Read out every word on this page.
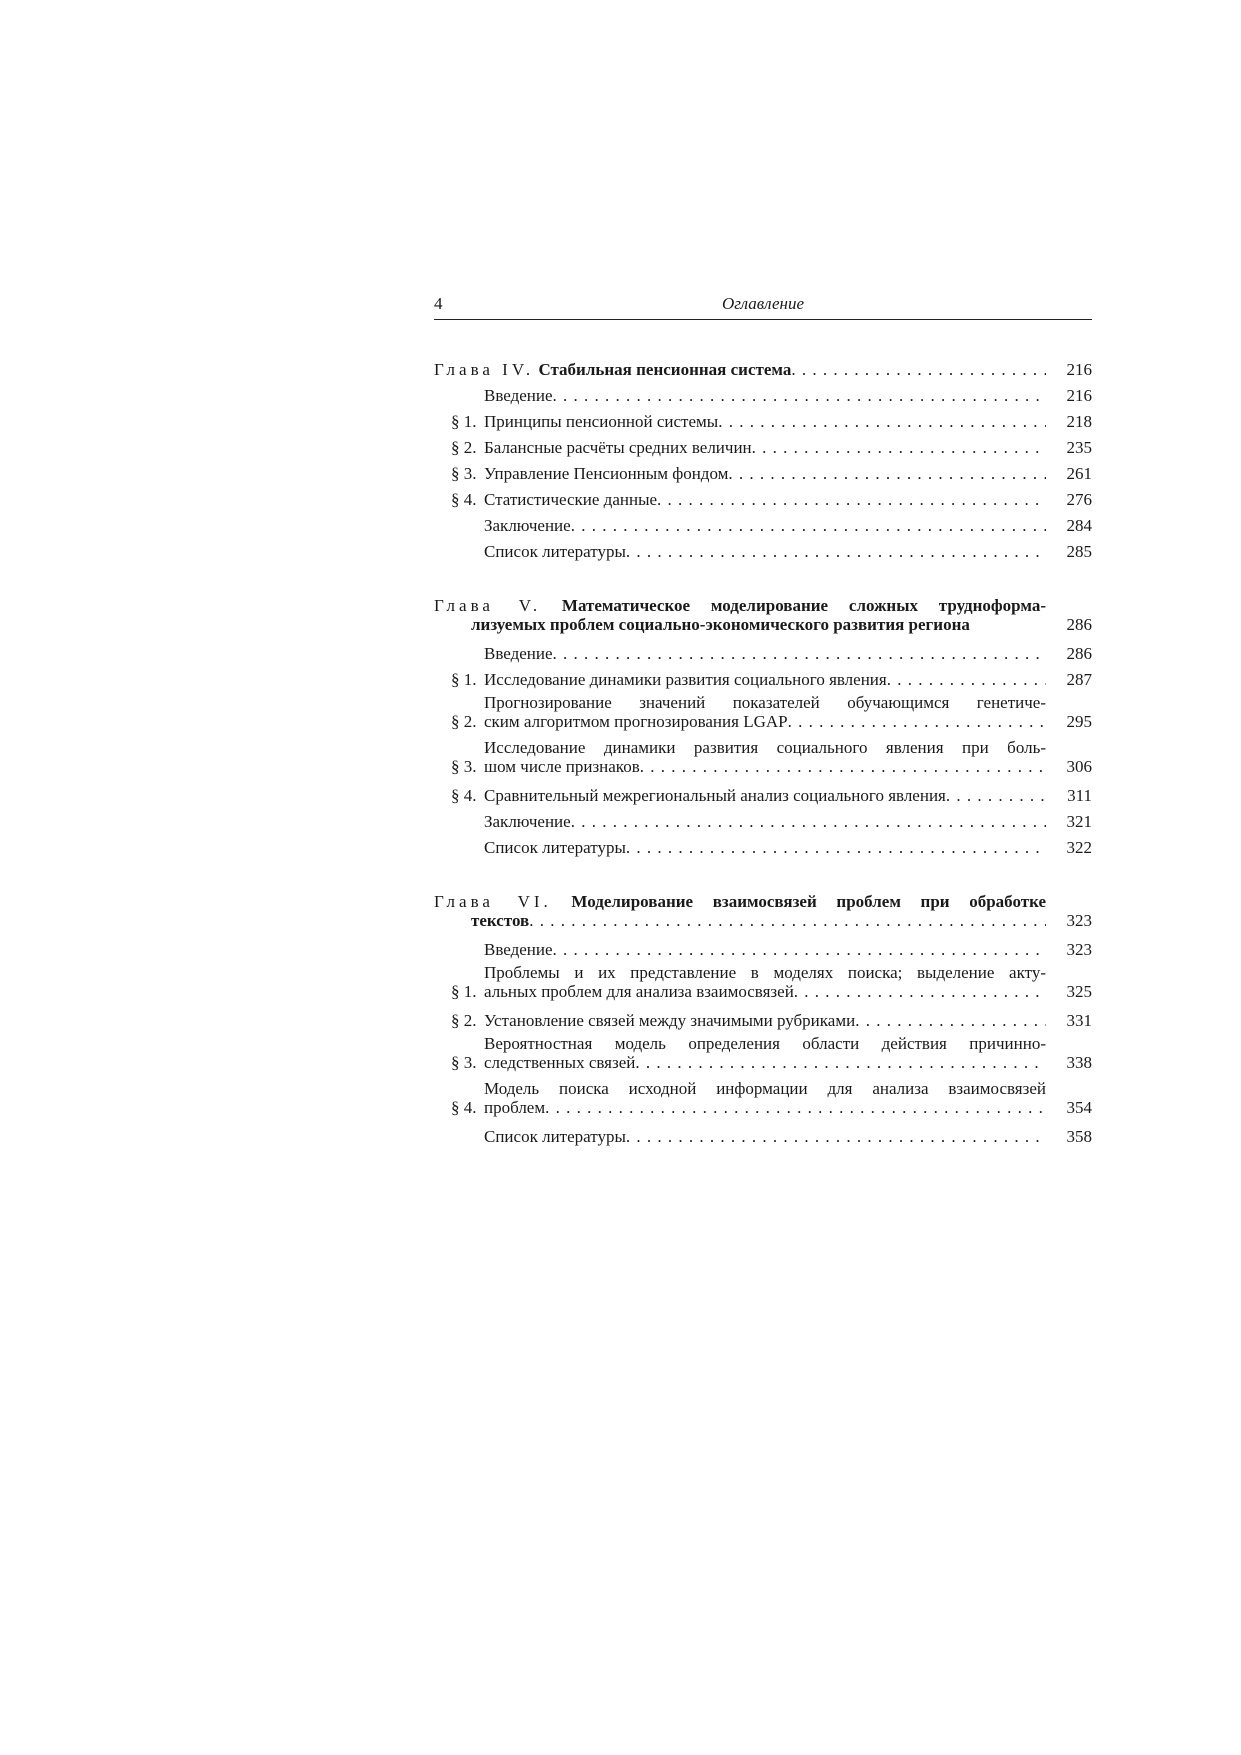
4	Оглавление
Глава IV. Стабильная пенсионная система . . .	216
Введение . . .	216
§ 1. Принципы пенсионной системы . . .	218
§ 2. Балансные расчёты средних величин . . .	235
§ 3. Управление Пенсионным фондом . . .	261
§ 4. Статистические данные . . .	276
Заключение . . .	284
Список литературы . . .	285
Глава V. Математическое моделирование сложных трудноформа-
лизуемых проблем социально-экономического развития региона	286
Введение . . .	286
§ 1. Исследование динамики развития социального явления . . .	287
§ 2.
Прогнозирование значений показателей обучающимся генетиче-
ским алгоритмом прогнозирования LGAP . . .	295
§ 3.
Исследование динамики развития социального явления при боль-
шом числе признаков . . .	306
§ 4. Сравнительный межрегиональный анализ социального явления . . .	311
Заключение . . .	321
Список литературы . . .	322
Глава VI. Моделирование взаимосвязей проблем при обработке
текстов . . .	323
Введение . . .	323
§ 1.
Проблемы и их представление в моделях поиска; выделение акту-
альных проблем для анализа взаимосвязей . . .	325
§ 2. Установление связей между значимыми рубриками . . .	331
§ 3.
Вероятностная модель определения области действия причинно-
следственных связей . . .	338
§ 4.
Модель поиска исходной информации для анализа взаимосвязей
проблем . . .	354
Список литературы . . .	358
